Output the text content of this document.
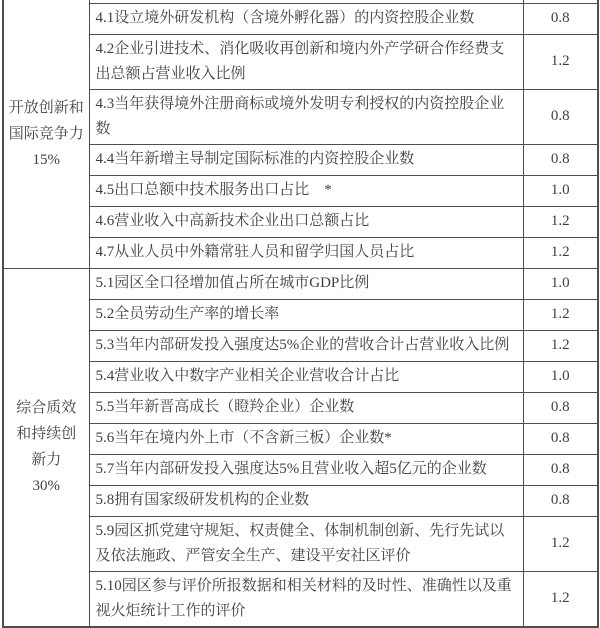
开放创新和国际竞争力
15%		

	4.1设立境外研发机构（含境外孵化器）的内资控股企业数	0.8
	4.2企业引进技术、消化吸收再创新和境内外产学研合作经费支出总额占营业收入比例	1.2
	4.3当年获得境外注册商标或境外发明专利授权的内资控股企业数	0.8
	4.4当年新增主导制定国际标准的内资控股企业数	0.8
	4.5出口总额中技术服务出口占比　*	1.0
	4.6营业收入中高新技术企业出口总额占比	1.2
	4.7从业人员中外籍常驻人员和留学归国人员占比	1.2

综合质效和持续创新力
30%	5.1园区全口径增加值占所在城市GDP比例	1.0
	5.2全员劳动生产率的增长率	1.2
	5.3当年内部研发投入强度达5%企业的营收合计占营业收入比例	1.2
	5.4营业收入中数字产业相关企业营收合计占比	1.0
	5.5当年新晋高成长（瞪羚企业）企业数	0.8
	5.6当年在境内外上市（不含新三板）企业数*	0.8
	5.7当年内部研发投入强度达5%且营业收入超5亿元的企业数	0.8
	5.8拥有国家级研发机构的企业数	0.8
	5.9园区抓党建守规矩、权责健全、体制机制创新、先行先试以及依法施政、严管安全生产、建设平安社区评价	1.2
	5.10园区参与评价所报数据和相关材料的及时性、准确性以及重视火炬统计工作的评价	1.2
